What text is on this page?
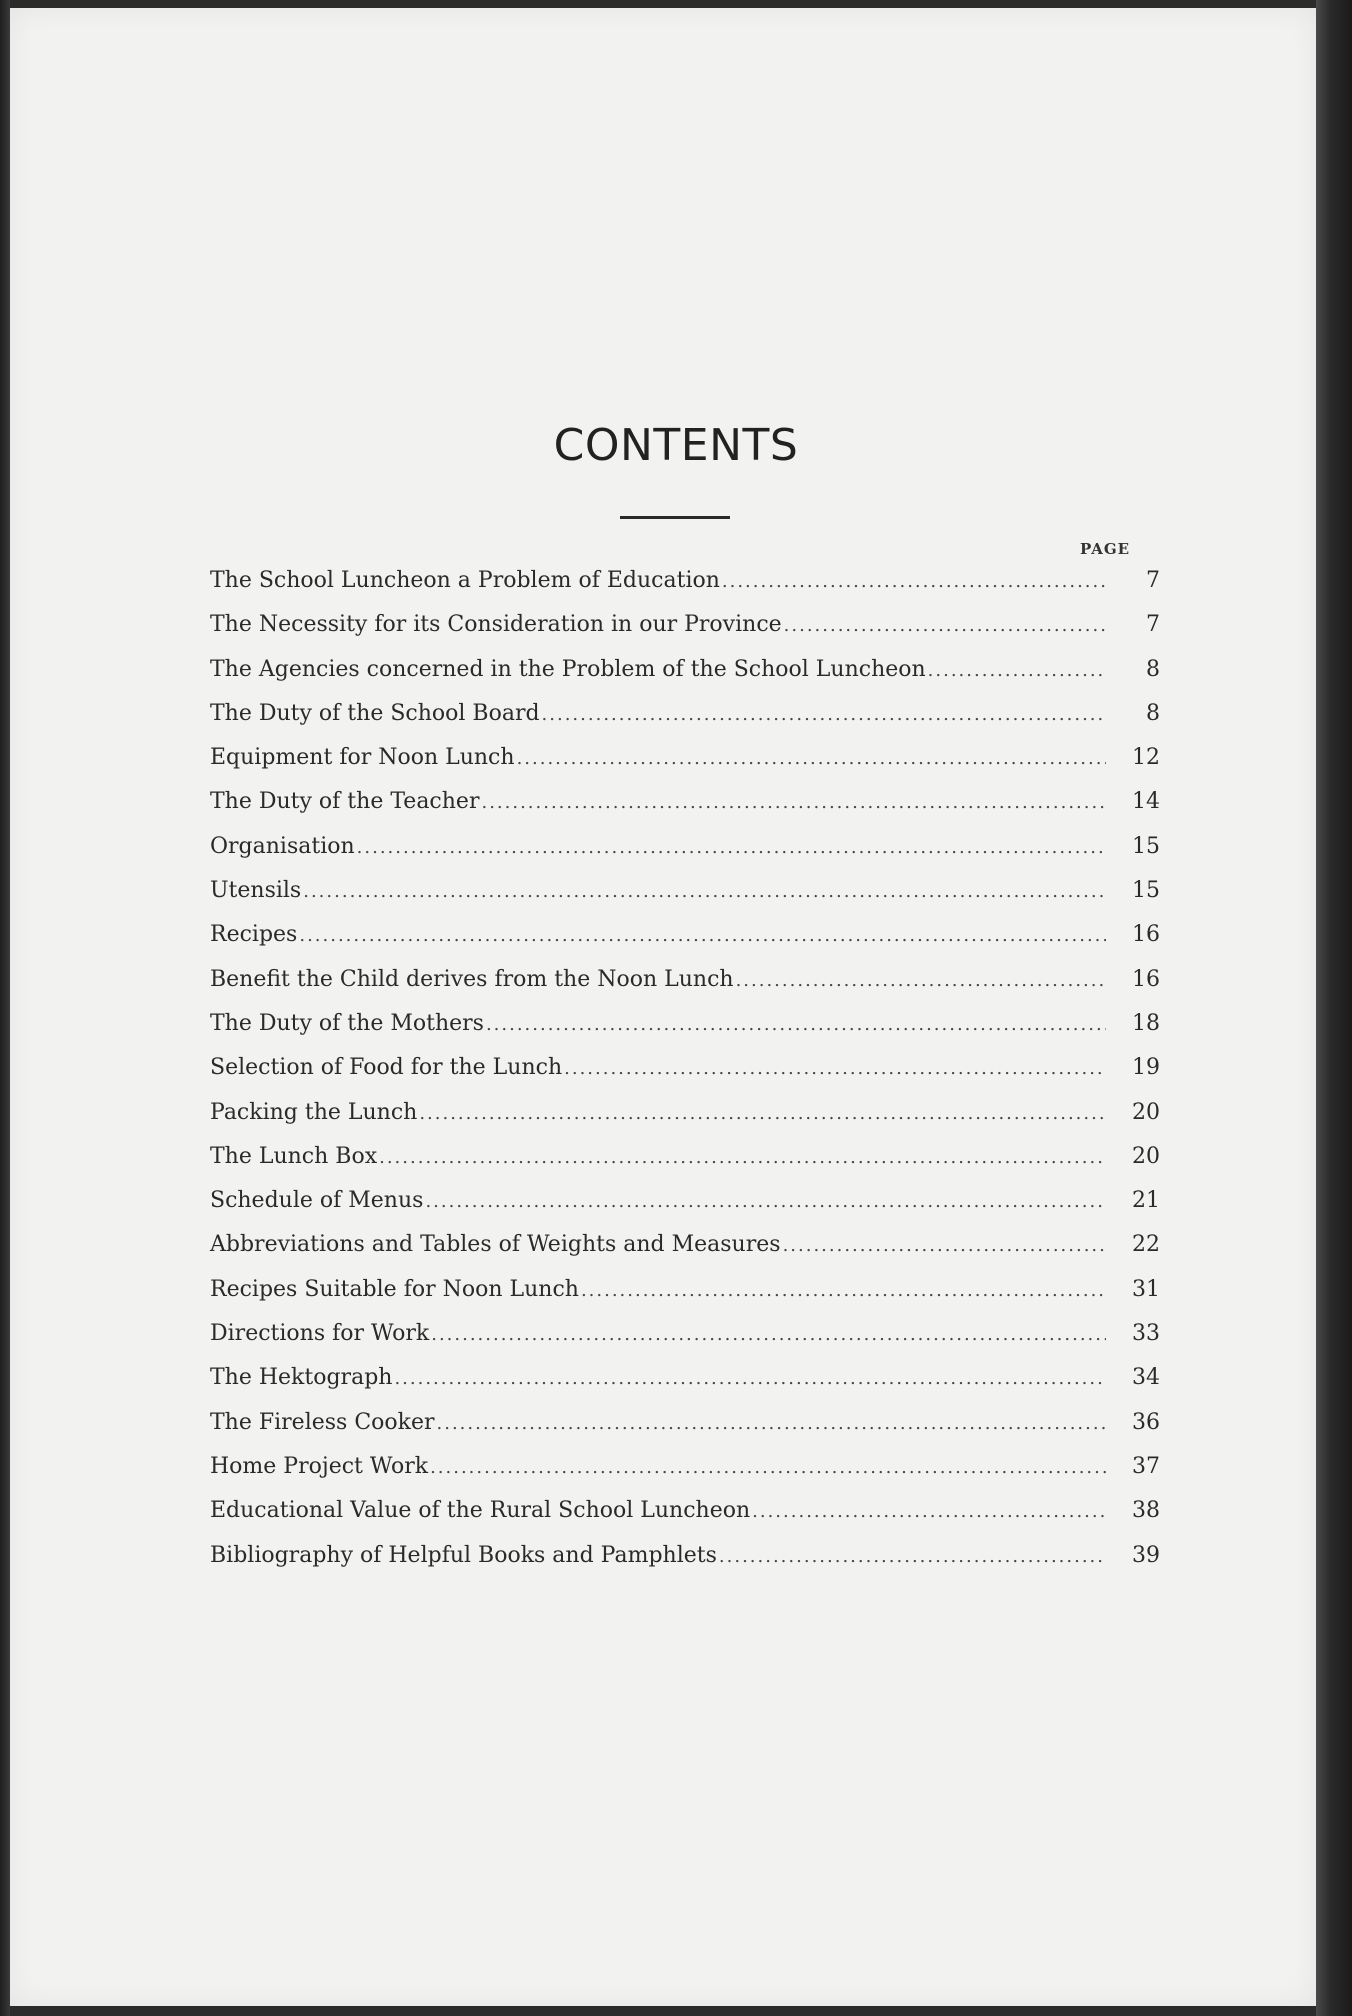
CONTENTS
PAGE
The School Luncheon a Problem of Education .....	7
The Necessity for its Consideration in our Province .....	7
The Agencies concerned in the Problem of the School Luncheon .....	8
The Duty of the School Board .....	8
Equipment for Noon Lunch .....	12
The Duty of the Teacher .....	14
Organisation .....	15
Utensils .....	15
Recipes .....	16
Benefit the Child derives from the Noon Lunch .....	16
The Duty of the Mothers .....	18
Selection of Food for the Lunch .....	19
Packing the Lunch .....	20
The Lunch Box .....	20
Schedule of Menus .....	21
Abbreviations and Tables of Weights and Measures .....	22
Recipes Suitable for Noon Lunch .....	31
Directions for Work .....	33
The Hektograph .....	34
The Fireless Cooker .....	36
Home Project Work .....	37
Educational Value of the Rural School Luncheon .....	38
Bibliography of Helpful Books and Pamphlets .....	39
